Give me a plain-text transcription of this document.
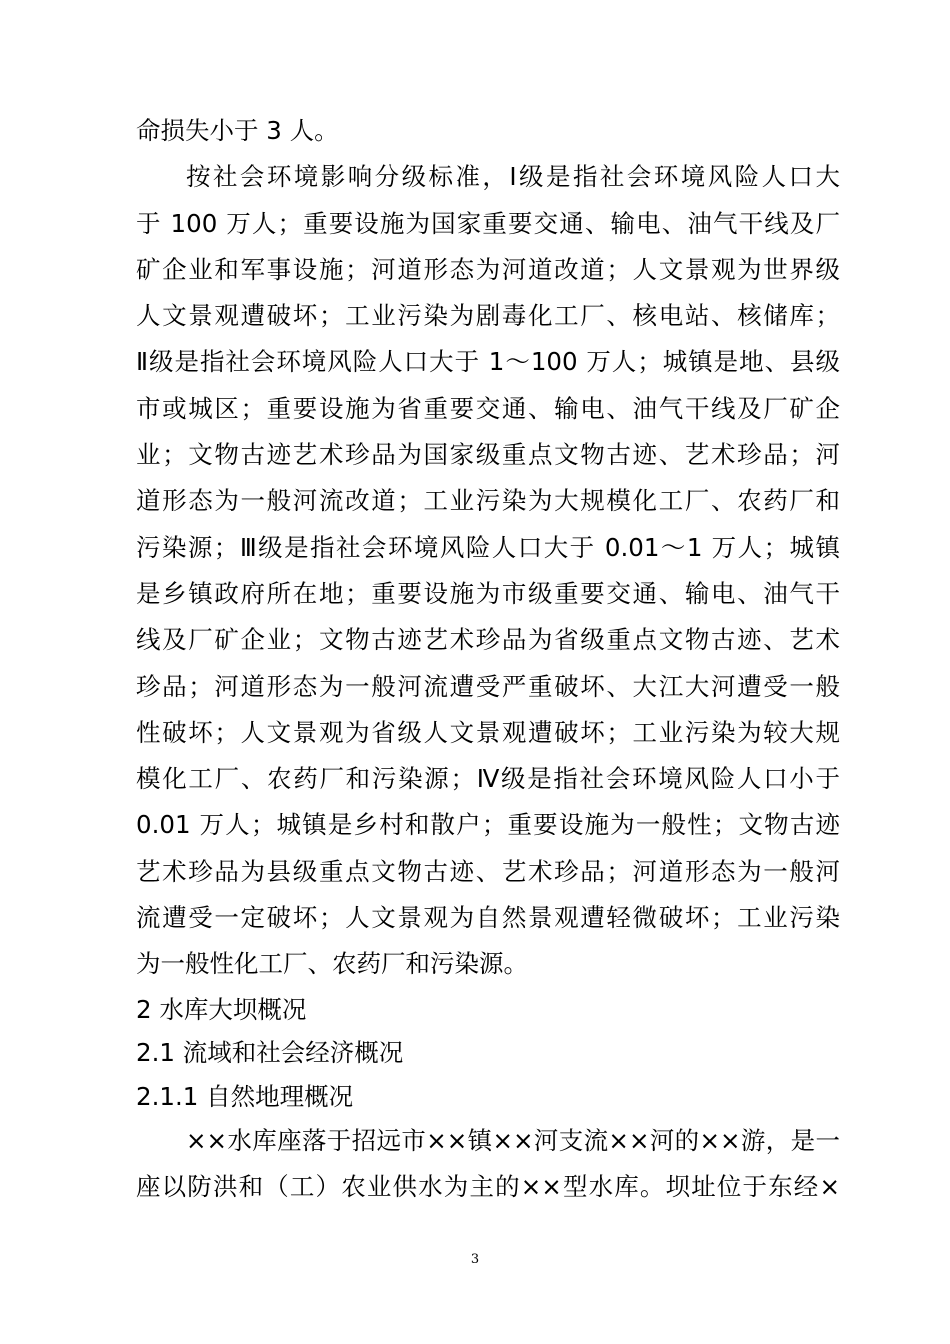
命损失小于 3 人。
按社会环境影响分级标准，Ⅰ级是指社会环境风险人口大
于 100 万人；重要设施为国家重要交通、输电、油气干线及厂
矿企业和军事设施；河道形态为河道改道；人文景观为世界级
人文景观遭破坏；工业污染为剧毒化工厂、核电站、核储库；
Ⅱ级是指社会环境风险人口大于 1～100 万人；城镇是地、县级
市或城区；重要设施为省重要交通、输电、油气干线及厂矿企
业；文物古迹艺术珍品为国家级重点文物古迹、艺术珍品；河
道形态为一般河流改道；工业污染为大规模化工厂、农药厂和
污染源；Ⅲ级是指社会环境风险人口大于 0.01～1 万人；城镇
是乡镇政府所在地；重要设施为市级重要交通、输电、油气干
线及厂矿企业；文物古迹艺术珍品为省级重点文物古迹、艺术
珍品；河道形态为一般河流遭受严重破坏、大江大河遭受一般
性破坏；人文景观为省级人文景观遭破坏；工业污染为较大规
模化工厂、农药厂和污染源；Ⅳ级是指社会环境风险人口小于
0.01 万人；城镇是乡村和散户；重要设施为一般性；文物古迹
艺术珍品为县级重点文物古迹、艺术珍品；河道形态为一般河
流遭受一定破坏；人文景观为自然景观遭轻微破坏；工业污染
为一般性化工厂、农药厂和污染源。
2 水库大坝概况
2.1 流域和社会经济概况
2.1.1 自然地理概况
××水库座落于招远市××镇××河支流××河的××游，是一
座以防洪和（工）农业供水为主的××型水库。坝址位于东经×
3
